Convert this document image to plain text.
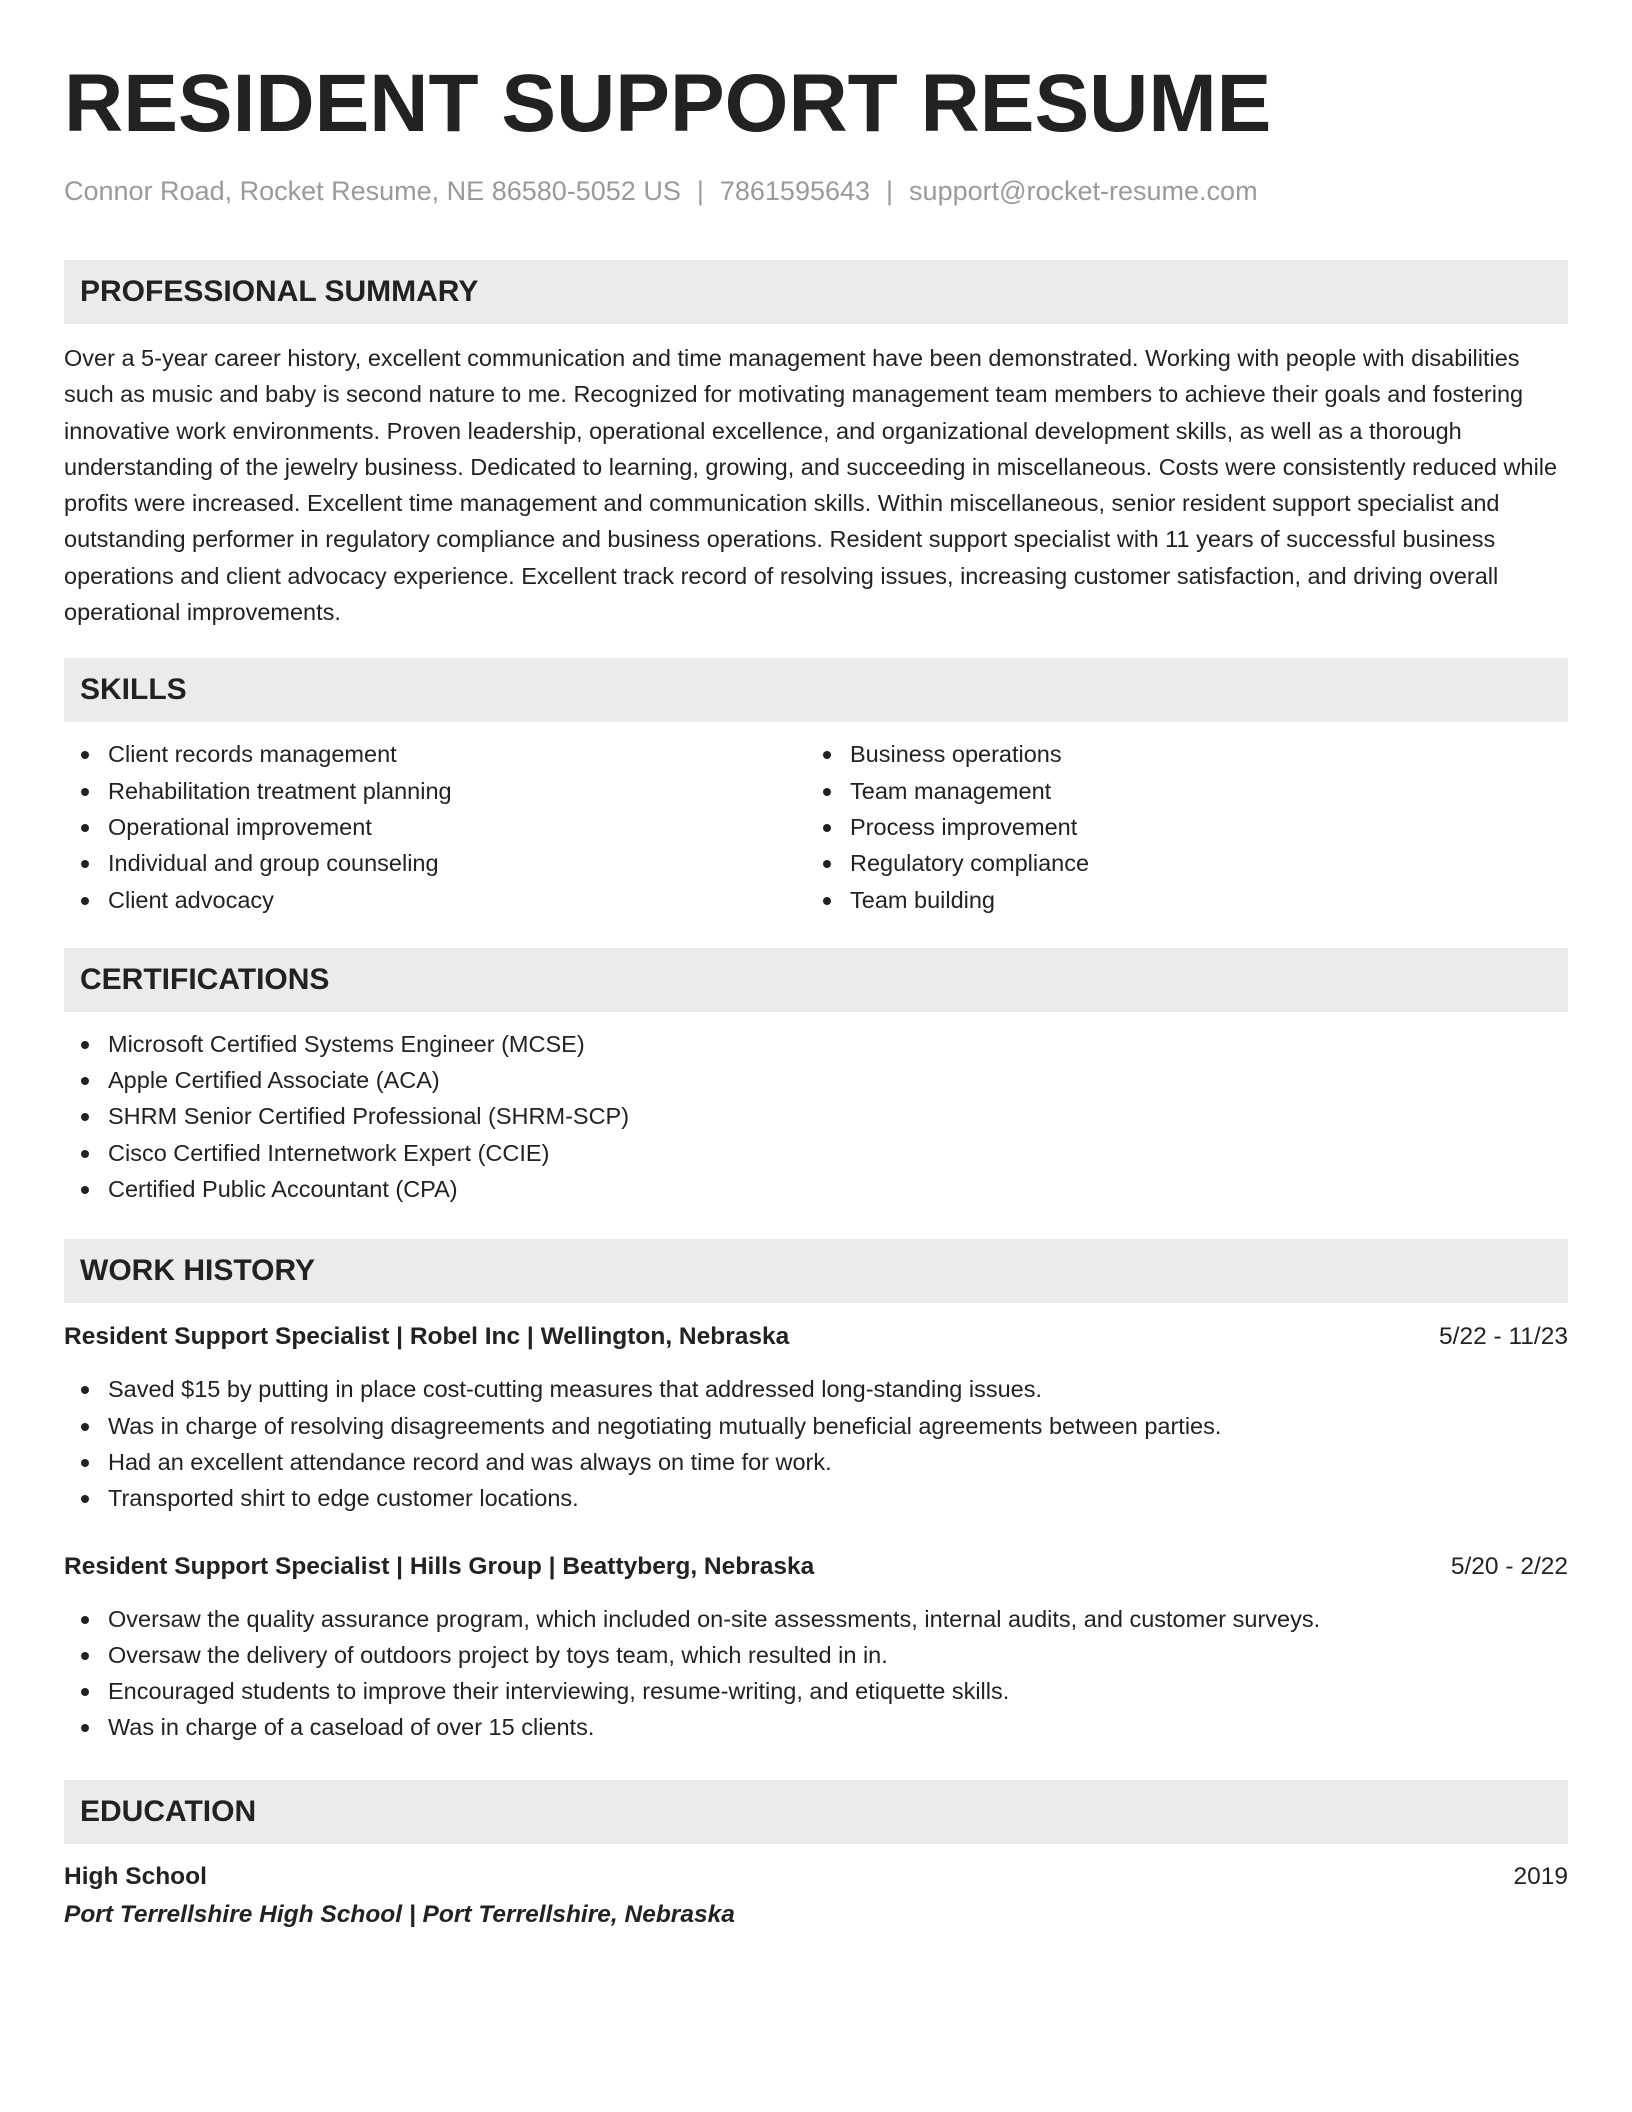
RESIDENT SUPPORT RESUME
Connor Road, Rocket Resume, NE 86580-5052 US | 7861595643 | support@rocket-resume.com
PROFESSIONAL SUMMARY

Over a 5-year career history, excellent communication and time management have been demonstrated. Working with people with disabilities such as music and baby is second nature to me. Recognized for motivating management team members to achieve their goals and fostering innovative work environments. Proven leadership, operational excellence, and organizational development skills, as well as a thorough understanding of the jewelry business. Dedicated to learning, growing, and succeeding in miscellaneous. Costs were consistently reduced while profits were increased. Excellent time management and communication skills. Within miscellaneous, senior resident support specialist and outstanding performer in regulatory compliance and business operations. Resident support specialist with 11 years of successful business operations and client advocacy experience. Excellent track record of resolving issues, increasing customer satisfaction, and driving overall operational improvements.

SKILLS
Client records management
Rehabilitation treatment planning
Operational improvement
Individual and group counseling
Client advocacy
Business operations
Team management
Process improvement
Regulatory compliance
Team building
CERTIFICATIONS
Microsoft Certified Systems Engineer (MCSE)
Apple Certified Associate (ACA)
SHRM Senior Certified Professional (SHRM-SCP)
Cisco Certified Internetwork Expert (CCIE)
Certified Public Accountant (CPA)
WORK HISTORY
Resident Support Specialist | Robel Inc | Wellington, Nebraska	5/22 - 11/23
Saved $15 by putting in place cost-cutting measures that addressed long-standing issues.
Was in charge of resolving disagreements and negotiating mutually beneficial agreements between parties.
Had an excellent attendance record and was always on time for work.
Transported shirt to edge customer locations.
Resident Support Specialist | Hills Group | Beattyberg, Nebraska	5/20 - 2/22
Oversaw the quality assurance program, which included on-site assessments, internal audits, and customer surveys.
Oversaw the delivery of outdoors project by toys team, which resulted in in.
Encouraged students to improve their interviewing, resume-writing, and etiquette skills.
Was in charge of a caseload of over 15 clients.
EDUCATION
High School	2019
Port Terrellshire High School | Port Terrellshire, Nebraska
